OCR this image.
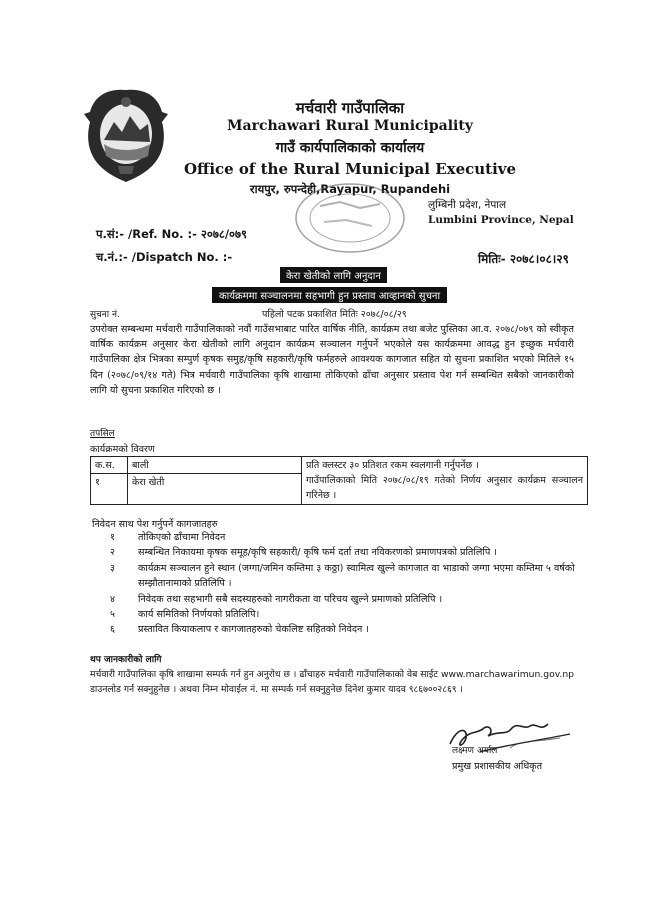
मर्चवारी गाउँपालिका
Marchawari Rural Municipality
गाउँ कार्यपालिकाको कार्यालय
Office of the Rural Municipal Executive
रायपुर, रुपन्देही,Rayapur, Rupandehi
लुम्बिनी प्रदेश, नेपाल
Lumbini Province, Nepal
प.सं:- /Ref. No. :- २०७८/०७९
च.नं.:- /Dispatch No. :-	मितिः- २०७८।०८।२९
केरा खेतीको लागि अनुदान
कार्यक्रममा सञ्चालनमा सहभागी हुन प्रस्ताव आव्हानको सुचना
सुचना नं.	पहिलो पटक प्रकाशित मितिः २०७८/०८/२९
उपरोक्त सम्बन्धमा मर्चवारी गाउँपालिकाको नवौं गाउँसभाबाट पारित वार्षिक नीति, कार्यक्रम तथा बजेट पुस्तिका आ.व. २०७८/०७९ को स्वीकृत वार्षिक कार्यक्रम अनुसार केरा खेतीको लागि अनुदान कार्यक्रम सञ्चालन गर्नुपर्ने भएकोले यस कार्यक्रममा आवद्ध हुन इच्छुक मर्चवारी गाउँपालिका क्षेत्र भित्रका सम्पुर्ण कृषक समुह/कृषि सहकारी/कृषि फर्महरुले आवश्यक कागजात सहित यो सुचना प्रकाशित भएको मितिले १५ दिन (२०७८/०९/१४ गते) भित्र मर्चवारी गाउँपालिका कृषि शाखामा तोकिएको ढाँचा अनुसार प्रस्ताव पेश गर्न सम्बन्धित सबैको जानकारीको लागि यो सुचना प्रकाशित गरिएको छ ।
तपसिल
कार्यक्रमको विवरण
क.स.	बाली	प्रति क्लस्टर ३० प्रतिशत रकम स्वलगानी गर्नुपर्नेछ ।
गाउँपालिकाको मिति २०७८/०८/१९ गतेको निर्णय अनुसार कार्यक्रम सञ्चालन गरिनेछ ।
१	केरा खेती	
निवेदन साथ पेश गर्नुपर्ने कागजातहरु
१	तोकिएको ढाँचामा निवेदन
२	सम्बन्धित निकायमा कृषक समूह/कृषि सहकारी/ कृषि फर्म दर्ता तथा नविकरणको प्रमाणपत्रको प्रतिलिपि ।
३	कार्यक्रम सञ्चालन हुने स्थान (जग्गा/जमिन कम्तिमा ३ कठ्ठा) स्वामित्व खुल्ने कागजात वा भाडाको जग्गा भएमा कम्तिमा ५ वर्षको सम्झौतानामाको प्रतिलिपि ।
४	निवेदक तथा सहभागी सबै सदस्यहरुको नागरीकता वा परिचय खुल्ने प्रमाणको प्रतिलिपि ।
५	कार्य समितिको निर्णयको प्रतिलिपि।
६	प्रस्तावित कियाकलाप र कागजातहरुको चेकलिष्ट सहितको निवेदन ।
थप जानकारीको लागि
मर्चवारी गाउँपालिका कृषि शाखामा सम्पर्क गर्न हुन अनुरोध छ । ढाँचाहरु मर्चवारी गाउँपालिकाको वेब साईट www.marchawarimun.gov.np डाउनलोड गर्न सक्नुहुनेछ । अथवा निम्न मोवाईल नं. मा सम्पर्क गर्न सक्नुहुनेछ दिनेश कुमार यादव ९८६७००२८६९ ।
लक्ष्मण अर्याल
प्रमुख प्रशासकीय अधिकृत
